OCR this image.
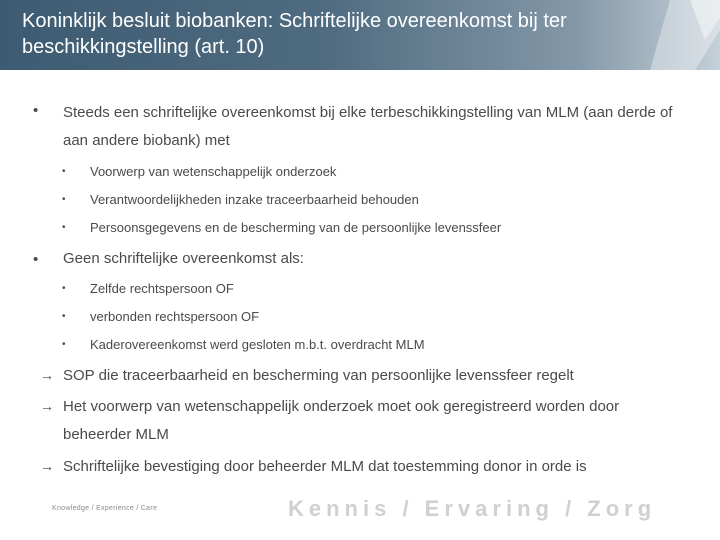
Koninklijk besluit biobanken: Schriftelijke overeenkomst bij ter beschikkingstelling (art. 10)
• Steeds een schriftelijke overeenkomst bij elke terbeschikkingstelling van MLM (aan derde of aan andere biobank) met
• Voorwerp van wetenschappelijk onderzoek
• Verantwoordelijkheden inzake traceerbaarheid behouden
• Persoonsgegevens en de bescherming van de persoonlijke levenssfeer
• Geen schriftelijke overeenkomst als:
• Zelfde rechtspersoon OF
• verbonden rechtspersoon OF
• Kaderovereenkomst werd gesloten m.b.t. overdracht MLM
→ SOP die traceerbaarheid en bescherming van persoonlijke levenssfeer regelt
→ Het voorwerp van wetenschappelijk onderzoek moet ook geregistreerd worden door beheerder MLM
→ Schriftelijke bevestiging door beheerder MLM dat toestemming donor in orde is
Knowledge / Experience / Care	Kennis / Ervaring / Zorg
